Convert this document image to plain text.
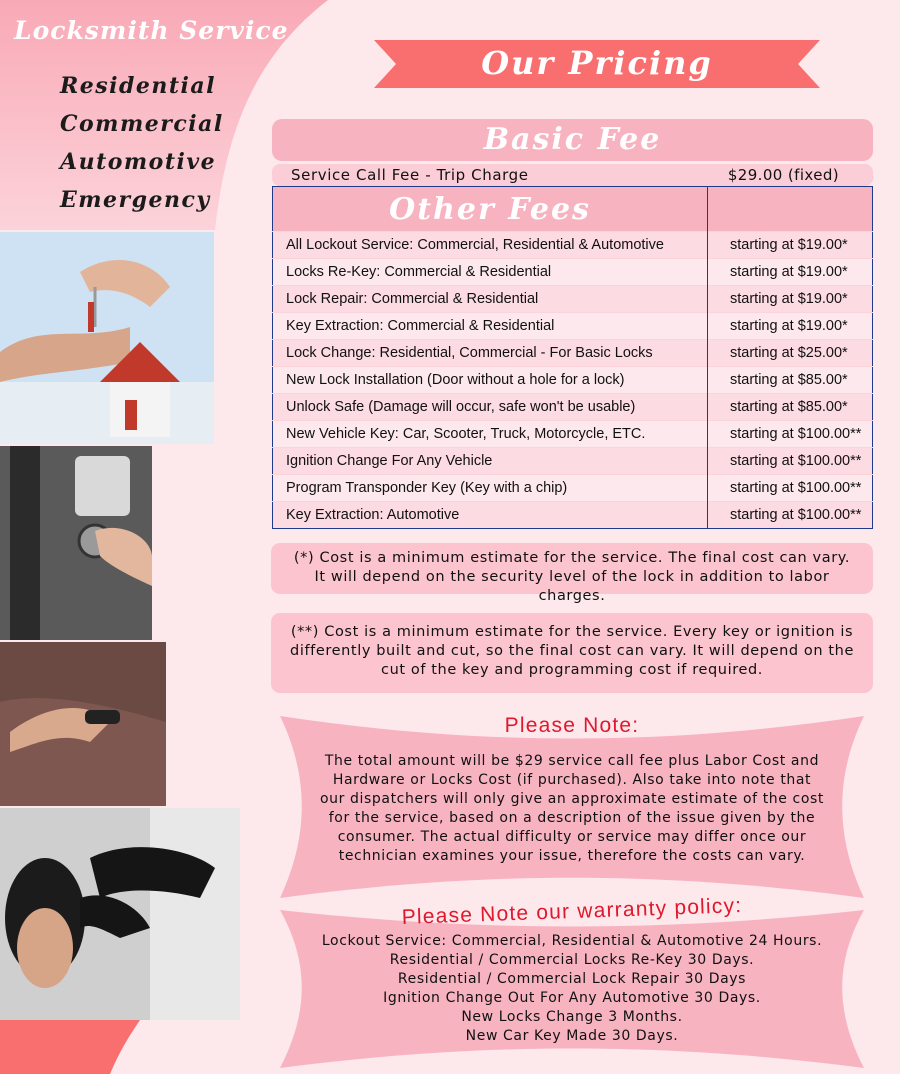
Locksmith Service
Residential
Commercial
Automotive
Emergency
Our Pricing
Basic Fee
Service Call Fee - Trip Charge	$29.00 (fixed)
Other Fees	
All Lockout Service: Commercial, Residential & Automotive	starting at $19.00*
Locks Re-Key: Commercial & Residential	starting at $19.00*
Lock Repair: Commercial & Residential	starting at $19.00*
Key Extraction: Commercial & Residential	starting at $19.00*
Lock Change: Residential, Commercial - For Basic Locks	starting at $25.00*
New Lock Installation (Door without a hole for a lock)	starting at $85.00*
Unlock Safe (Damage will occur, safe won't be usable)	starting at $85.00*
New Vehicle Key: Car, Scooter, Truck, Motorcycle, ETC.	starting at $100.00**
Ignition Change For Any Vehicle	starting at $100.00**
Program Transponder Key (Key with a chip)	starting at $100.00**
Key Extraction: Automotive	starting at $100.00**
(*) Cost is a minimum estimate for the service. The final cost can vary. It will depend on the security level of the lock in addition to labor charges.
(**) Cost is a minimum estimate for the service. Every key or ignition is differently built and cut, so the final cost can vary. It will depend on the cut of the key and programming cost if required.
Please Note:
The total amount will be $29 service call fee plus Labor Cost and
Hardware or Locks Cost (if purchased). Also take into note that
our dispatchers will only give an approximate estimate of the cost
for the service, based on a description of the issue given by the
consumer. The actual difficulty or service may differ once our
technician examines your issue, therefore the costs can vary.
Please Note our warranty policy:
Lockout Service: Commercial, Residential & Automotive 24 Hours.
Residential / Commercial Locks Re-Key 30 Days.
Residential / Commercial Lock Repair 30 Days
Ignition Change Out For Any Automotive 30 Days.
New Locks Change 3 Months.
New Car Key Made 30 Days.
